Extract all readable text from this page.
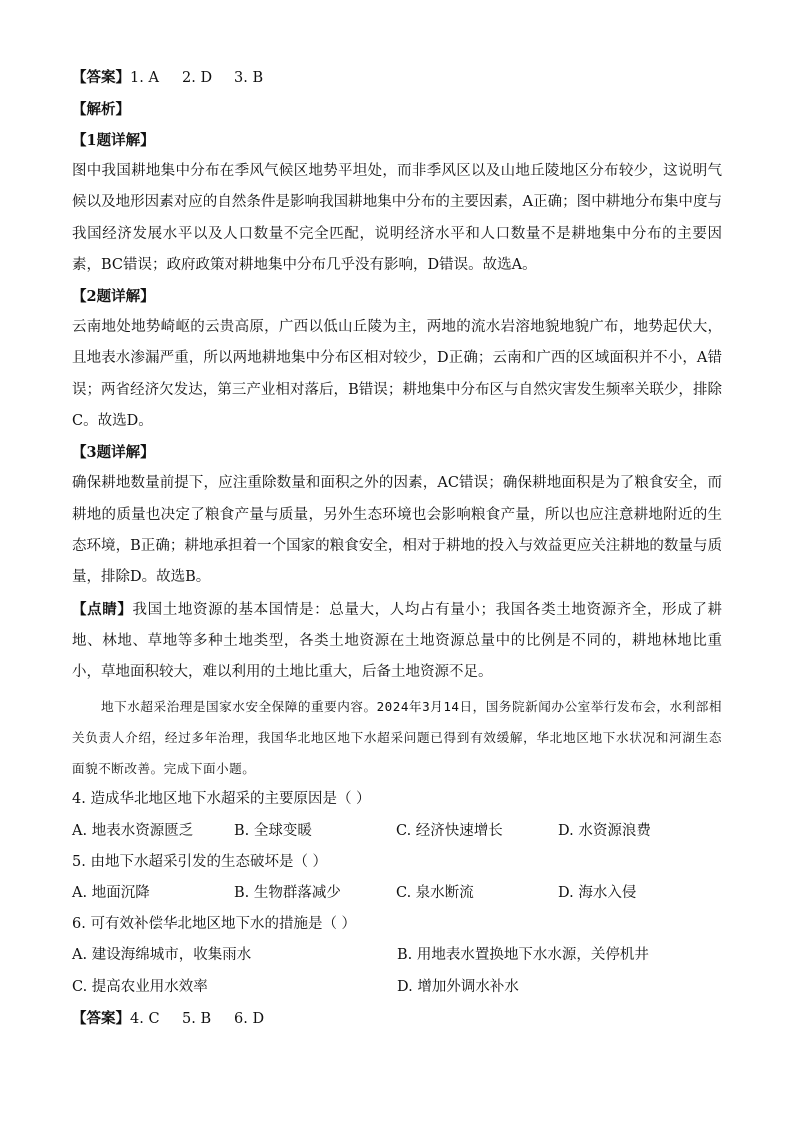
【答案】1. A 2. D 3. B

【解析】

【1题详解】

图中我国耕地集中分布在季风气候区地势平坦处，而非季风区以及山地丘陵地区分布较少，这说明气候以及地形因素对应的自然条件是影响我国耕地集中分布的主要因素，A正确；图中耕地分布集中度与我国经济发展水平以及人口数量不完全匹配，说明经济水平和人口数量不是耕地集中分布的主要因素，BC错误；政府政策对耕地集中分布几乎没有影响，D错误。故选A。

【2题详解】

云南地处地势崎岖的云贵高原，广西以低山丘陵为主，两地的流水岩溶地貌地貌广布，地势起伏大，且地表水渗漏严重，所以两地耕地集中分布区相对较少，D正确；云南和广西的区域面积并不小，A错误；两省经济欠发达，第三产业相对落后，B错误；耕地集中分布区与自然灾害发生频率关联少，排除C。故选D。

【3题详解】

确保耕地数量前提下，应注重除数量和面积之外的因素，AC错误；确保耕地面积是为了粮食安全，而耕地的质量也决定了粮食产量与质量，另外生态环境也会影响粮食产量，所以也应注意耕地附近的生态环境，B正确；耕地承担着一个国家的粮食安全，相对于耕地的投入与效益更应关注耕地的数量与质量，排除D。故选B。

【点睛】我国土地资源的基本国情是：总量大，人均占有量小；我国各类土地资源齐全，形成了耕地、林地、草地等多种土地类型，各类土地资源在土地资源总量中的比例是不同的，耕地林地比重小，草地面积较大，难以利用的土地比重大，后备土地资源不足。

地下水超采治理是国家水安全保障的重要内容。2024年3月14日，国务院新闻办公室举行发布会，水利部相关负责人介绍，经过多年治理，我国华北地区地下水超采问题已得到有效缓解，华北地区地下水状况和河湖生态面貌不断改善。完成下面小题。

4. 造成华北地区地下水超采的主要原因是（ ）

A. 地表水资源匮乏	B. 全球变暖	C. 经济快速增长	D. 水资源浪费

5. 由地下水超采引发的生态破坏是（ ）

A. 地面沉降	B. 生物群落减少	C. 泉水断流	D. 海水入侵

6. 可有效补偿华北地区地下水的措施是（ ）

A. 建设海绵城市，收集雨水	B. 用地表水置换地下水水源，关停机井
C. 提高农业用水效率	D. 增加外调水补水

【答案】4. C 5. B 6. D
